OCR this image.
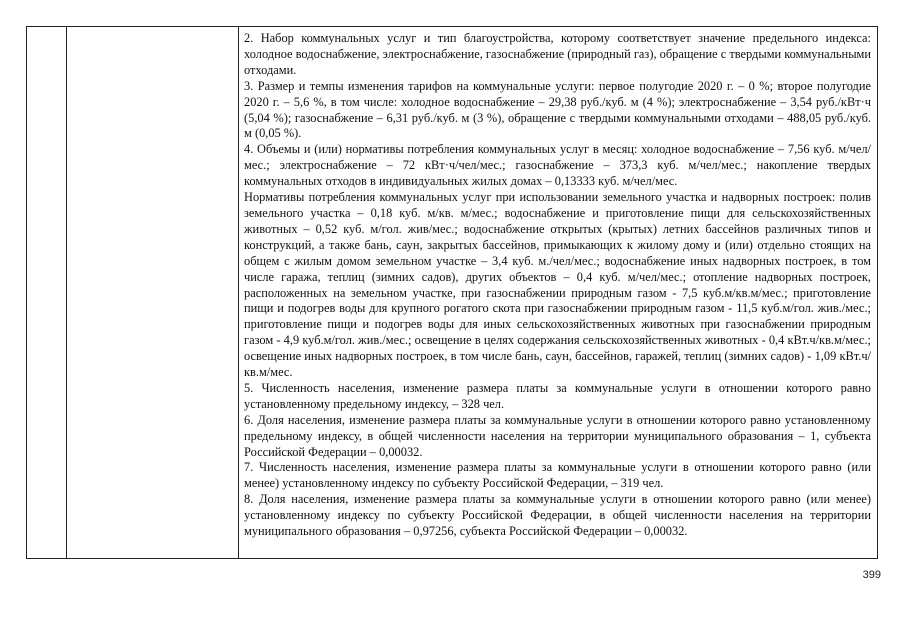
2. Набор коммунальных услуг и тип благоустройства, которому соответствует значение предельного индекса: холодное водоснабжение, электроснабжение, газоснабжение (природный газ), обращение с твердыми коммунальными отходами.

3. Размер и темпы изменения тарифов на коммунальные услуги: первое полугодие 2020 г. – 0 %; второе полугодие 2020 г. – 5,6 %, в том числе: холодное водоснабжение – 29,38 руб./куб. м (4 %); электроснабжение – 3,54 руб./кВт·ч (5,04 %); газоснабжение – 6,31 руб./куб. м (3 %), обращение с твердыми коммунальными отходами – 488,05 руб./куб. м (0,05 %).

4. Объемы и (или) нормативы потребления коммунальных услуг в месяц: холодное водоснабжение – 7,56 куб. м/чел/мес.; электроснабжение – 72 кВт·ч/чел/мес.; газоснабжение – 373,3 куб. м/чел/мес.; накопление твердых коммунальных отходов в индивидуальных жилых домах – 0,13333 куб. м/чел/мес.

Нормативы потребления коммунальных услуг при использовании земельного участка и надворных построек: полив земельного участка – 0,18 куб. м/кв. м/мес.; водоснабжение и приготовление пищи для сельскохозяйственных животных – 0,52 куб. м/гол. жив/мес.; водоснабжение открытых (крытых) летних бассейнов различных типов и конструкций, а также бань, саун, закрытых бассейнов, примыкающих к жилому дому и (или) отдельно стоящих на общем с жилым домом земельном участке – 3,4 куб. м./чел/мес.; водоснабжение иных надворных построек, в том числе гаража, теплиц (зимних садов), других объектов – 0,4 куб. м/чел/мес.; отопление надворных построек, расположенных на земельном участке, при газоснабжении природным газом - 7,5 куб.м/кв.м/мес.; приготовление пищи и подогрев воды для крупного рогатого скота при газоснабжении природным газом - 11,5 куб.м/гол. жив./мес.; приготовление пищи и подогрев воды для иных сельскохозяйственных животных при газоснабжении природным газом - 4,9 куб.м/гол. жив./мес.; освещение в целях содержания сельскохозяйственных животных - 0,4 кВт.ч/кв.м/мес.; освещение иных надворных построек, в том числе бань, саун, бассейнов, гаражей, теплиц (зимних садов) - 1,09 кВт.ч/кв.м/мес.

5. Численность населения, изменение размера платы за коммунальные услуги в отношении которого равно установленному предельному индексу, – 328 чел.

6. Доля населения, изменение размера платы за коммунальные услуги в отношении которого равно установленному предельному индексу, в общей численности населения на территории муниципального образования – 1, субъекта Российской Федерации – 0,00032.

7. Численность населения, изменение размера платы за коммунальные услуги в отношении которого равно (или менее) установленному индексу по субъекту Российской Федерации, – 319 чел.

8. Доля населения, изменение размера платы за коммунальные услуги в отношении которого равно (или менее) установленному индексу по субъекту Российской Федерации, в общей численности населения на территории муниципального образования – 0,97256, субъекта Российской Федерации – 0,00032.

399
